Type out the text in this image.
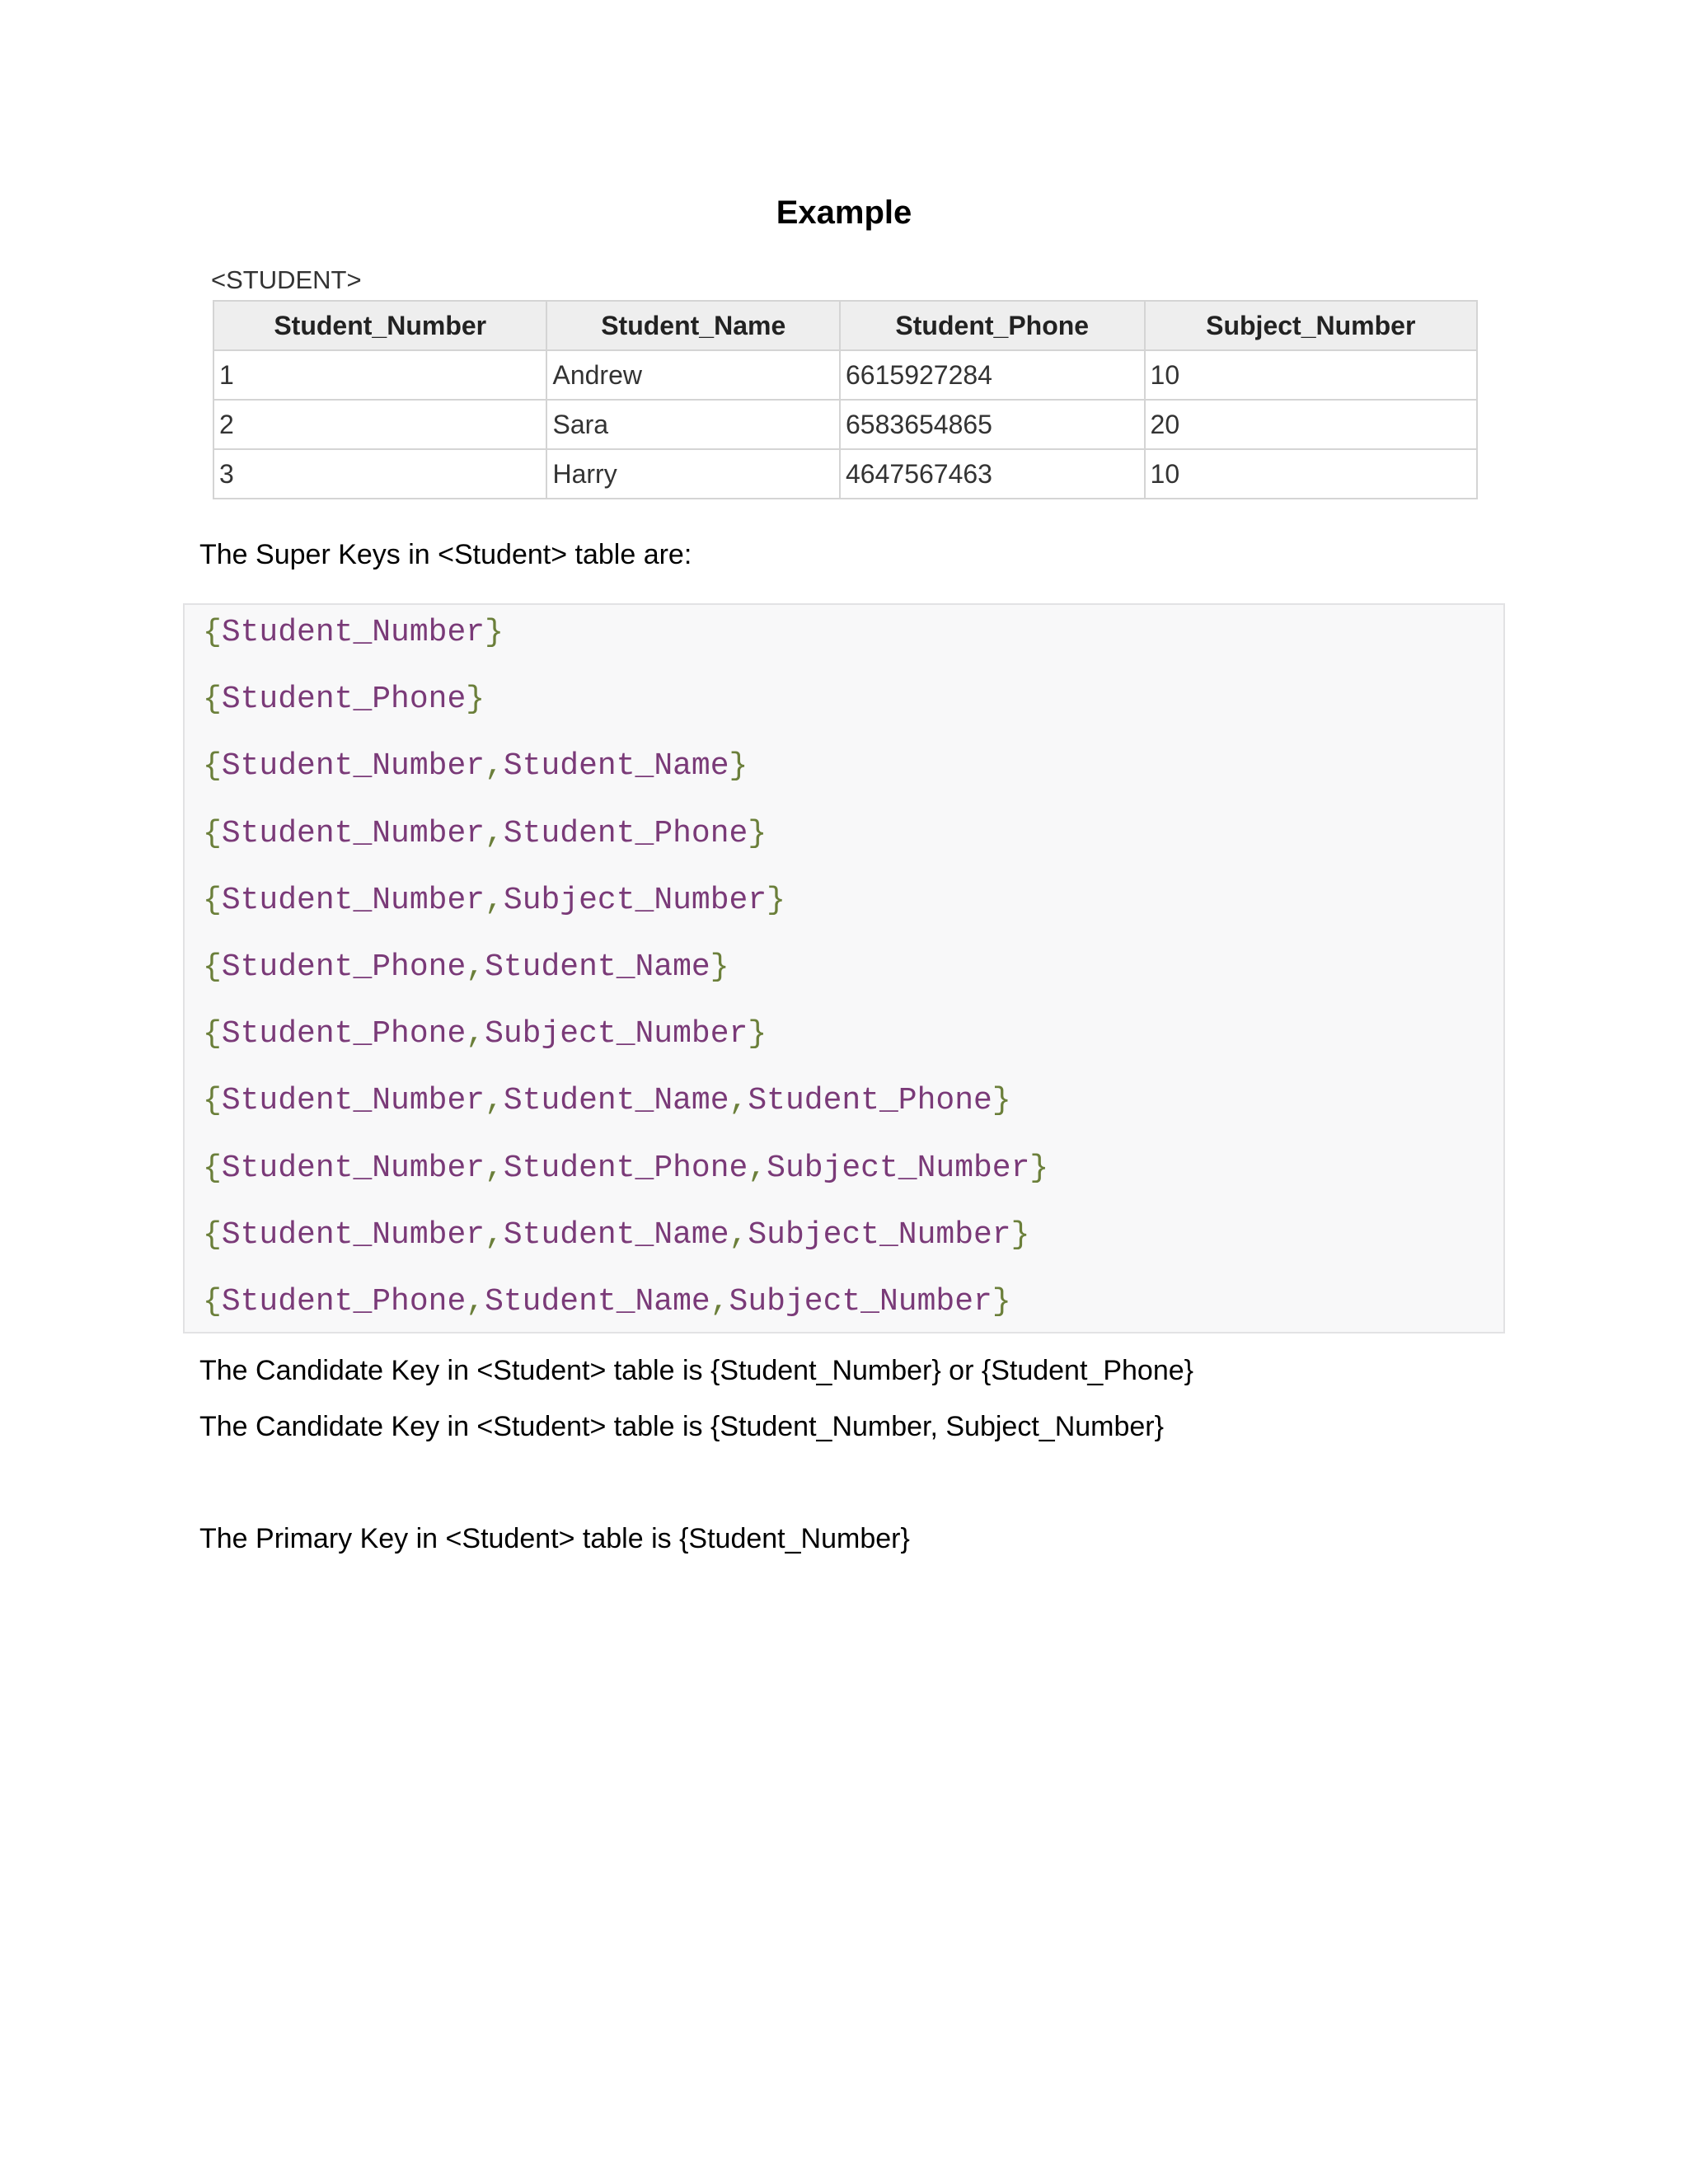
Example
<STUDENT>
Student_Number	Student_Name	Student_Phone	Subject_Number
1	Andrew	6615927284	10
2	Sara	6583654865	20
3	Harry	4647567463	10

The Super Keys in <Student> table are:

{Student_Number}
{Student_Phone}
{Student_Number,Student_Name}
{Student_Number,Student_Phone}
{Student_Number,Subject_Number}
{Student_Phone,Student_Name}
{Student_Phone,Subject_Number}
{Student_Number,Student_Name,Student_Phone}
{Student_Number,Student_Phone,Subject_Number}
{Student_Number,Student_Name,Subject_Number}
{Student_Phone,Student_Name,Subject_Number}

The Candidate Key in <Student> table is {Student_Number} or {Student_Phone}

The Candidate Key in <Student> table is {Student_Number, Subject_Number}

The Primary Key in <Student> table is {Student_Number}
